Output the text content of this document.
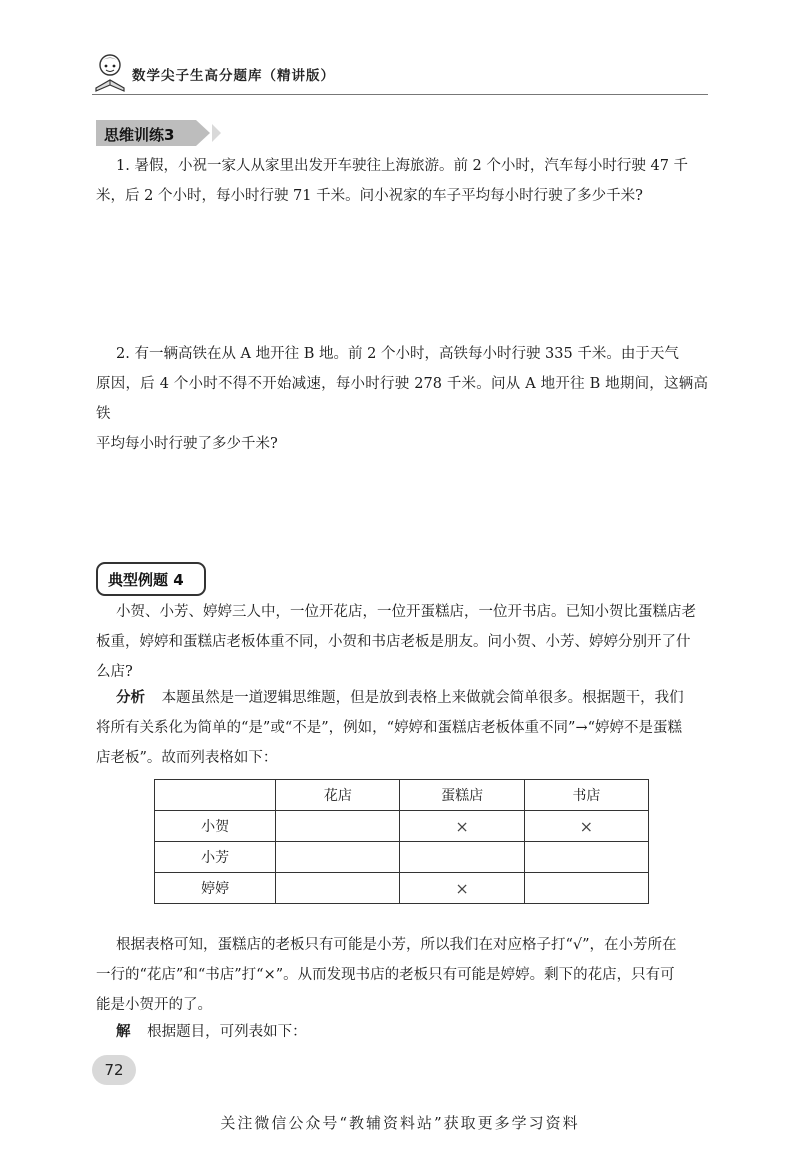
数学尖子生高分题库（精讲版）
思维训练3
1. 暑假，小祝一家人从家里出发开车驶往上海旅游。前 2 个小时，汽车每小时行驶 47 千
米，后 2 个小时，每小时行驶 71 千米。问小祝家的车子平均每小时行驶了多少千米?
2. 有一辆高铁在从 A 地开往 B 地。前 2 个小时，高铁每小时行驶 335 千米。由于天气
原因，后 4 个小时不得不开始减速，每小时行驶 278 千米。问从 A 地开往 B 地期间，这辆高铁
平均每小时行驶了多少千米?
典型例题 4
小贺、小芳、婷婷三人中，一位开花店，一位开蛋糕店，一位开书店。已知小贺比蛋糕店老
板重，婷婷和蛋糕店老板体重不同，小贺和书店老板是朋友。问小贺、小芳、婷婷分别开了什
么店?
分析 本题虽然是一道逻辑思维题，但是放到表格上来做就会简单很多。根据题干，我们
将所有关系化为简单的“是”或“不是”，例如，“婷婷和蛋糕店老板体重不同”→“婷婷不是蛋糕
店老板”。故而列表格如下：
	花店	蛋糕店	书店
小贺		×	×
小芳			
婷婷		×	
根据表格可知，蛋糕店的老板只有可能是小芳，所以我们在对应格子打“√”，在小芳所在
一行的“花店”和“书店”打“×”。从而发现书店的老板只有可能是婷婷。剩下的花店，只有可
能是小贺开的了。
解 根据题目，可列表如下：
72
关注微信公众号“教辅资料站”获取更多学习资料
